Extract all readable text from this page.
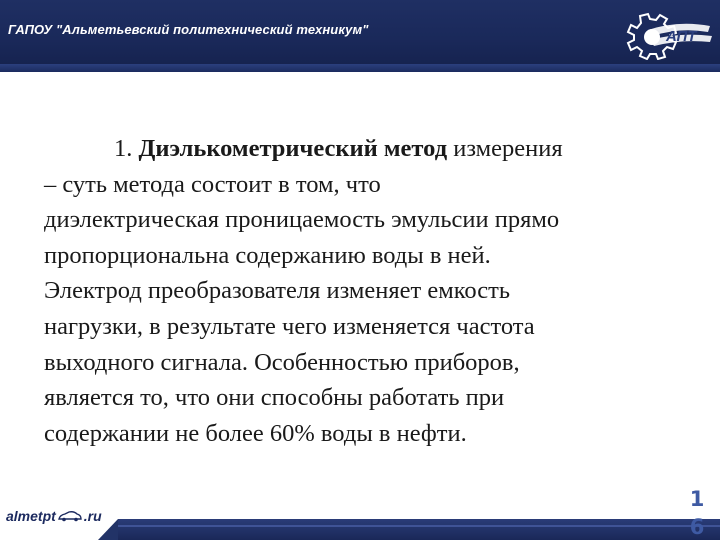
ГАПОУ "Альметьевский политехнический техникум"	АПТ
1. Диэлькометрический метод измерения
– суть метода состоит в том, что
диэлектрическая проницаемость эмульсии прямо
пропорциональна содержанию воды в ней.
Электрод преобразователя изменяет емкость
нагрузки, в результате чего изменяется частота
выходного сигнала. Особенностью приборов,
является то, что они способны работать при
содержании не более 60% воды в нефти.
almetpt .ru
1
6
